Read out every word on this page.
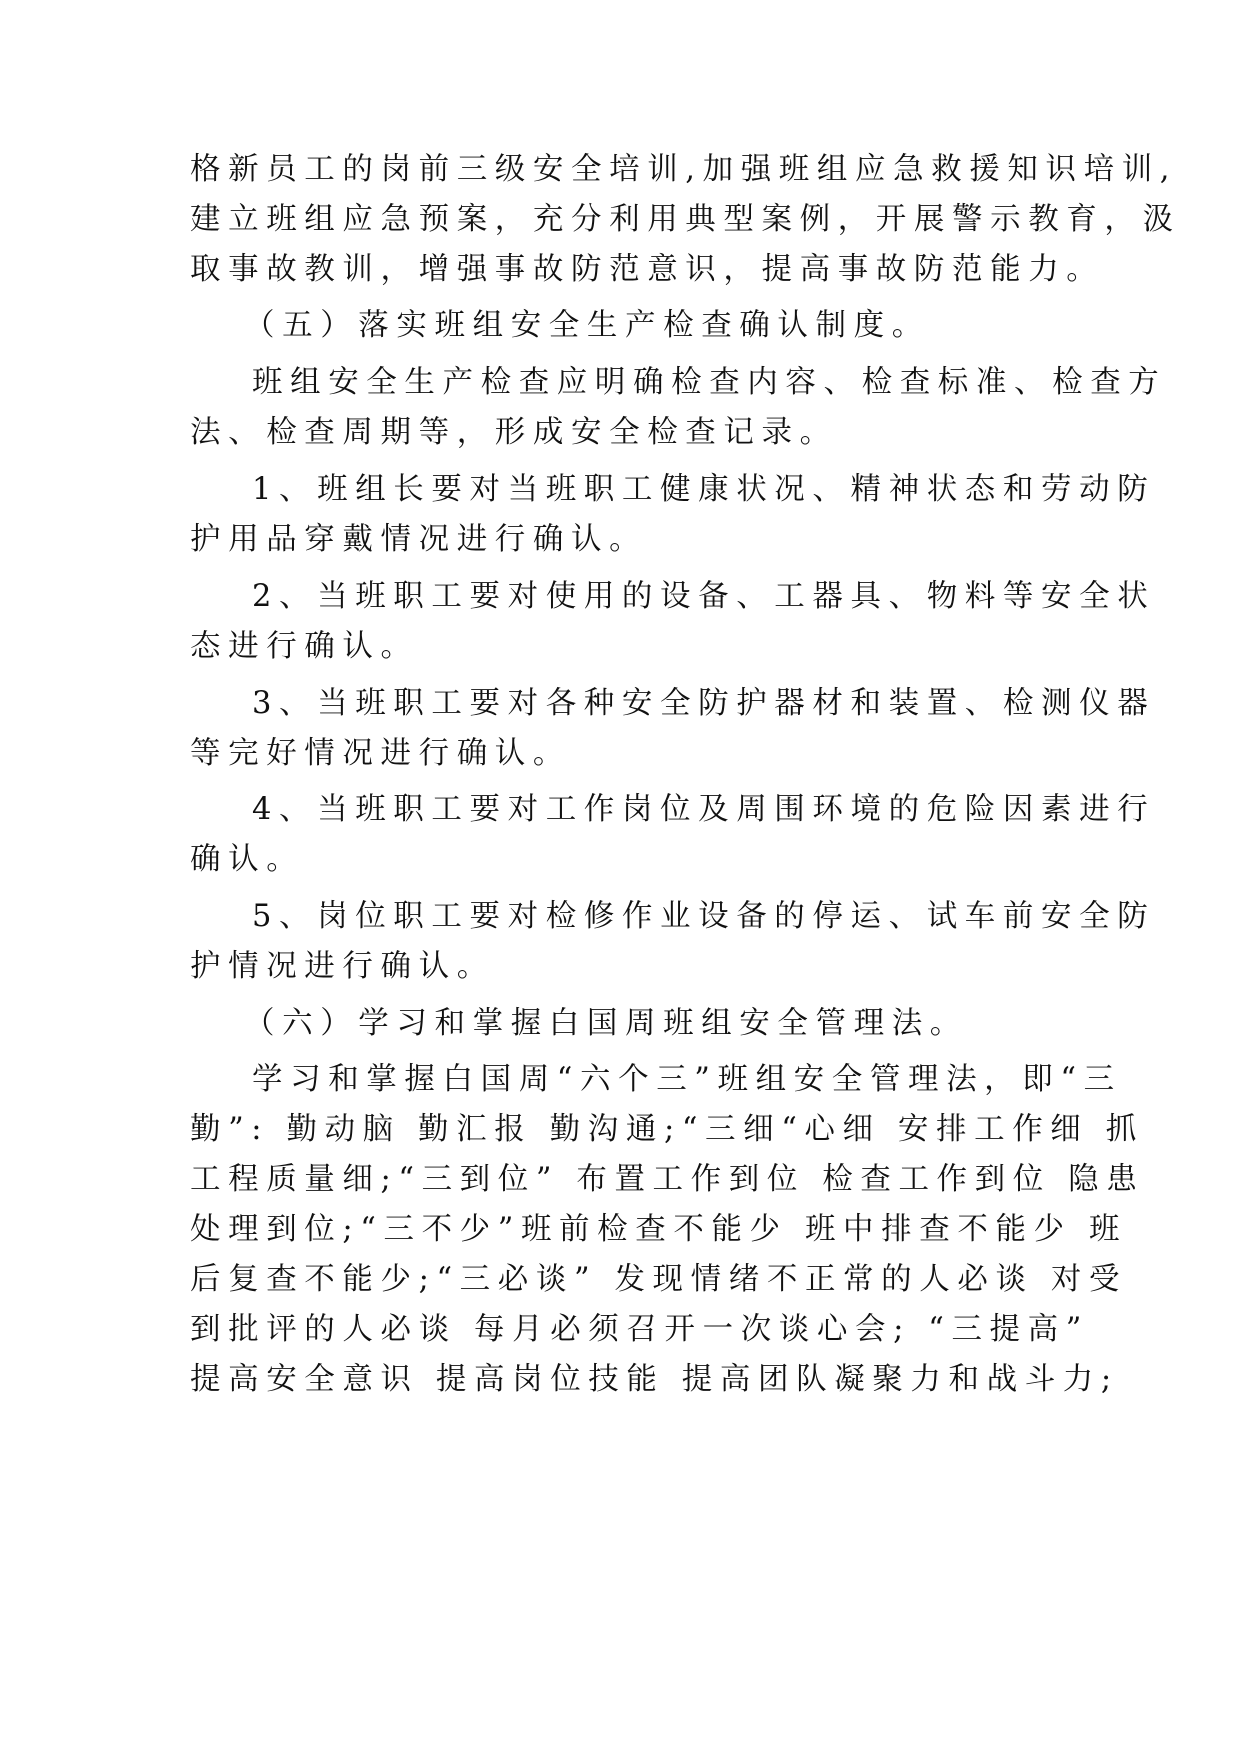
格新员工的岗前三级安全培训,加强班组应急救援知识培训,
建立班组应急预案，充分利用典型案例，开展警示教育，汲
取事故教训，增强事故防范意识，提高事故防范能力。
（五）落实班组安全生产检查确认制度。
班组安全生产检查应明确检查内容、检查标准、检查方
法、检查周期等，形成安全检查记录。
1、班组长要对当班职工健康状况、精神状态和劳动防
护用品穿戴情况进行确认。
2、当班职工要对使用的设备、工器具、物料等安全状
态进行确认。
3、当班职工要对各种安全防护器材和装置、检测仪器
等完好情况进行确认。
4、当班职工要对工作岗位及周围环境的危险因素进行
确认。
5、岗位职工要对检修作业设备的停运、试车前安全防
护情况进行确认。
（六）学习和掌握白国周班组安全管理法。
学习和掌握白国周“六个三”班组安全管理法，即“三
勤”: 勤动脑 勤汇报 勤沟通;“三细“心细 安排工作细 抓
工程质量细;“三到位” 布置工作到位 检查工作到位 隐患
处理到位;“三不少”班前检查不能少 班中排查不能少 班
后复查不能少;“三必谈” 发现情绪不正常的人必谈 对受
到批评的人必谈 每月必须召开一次谈心会; “三提高”
提高安全意识 提高岗位技能 提高团队凝聚力和战斗力;
